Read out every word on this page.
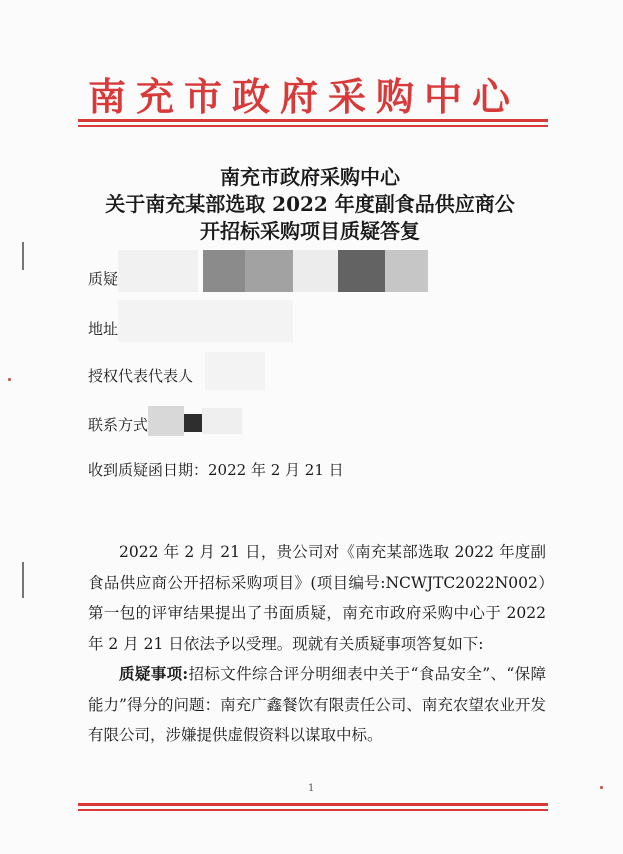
南充市政府采购中心
南充市政府采购中心
关于南充某部选取 2022 年度副食品供应商公
开招标采购项目质疑答复
质疑
地址
授权代表代表人
联系方式
收到质疑函日期：2022 年 2 月 21 日

2022 年 2 月 21 日，贵公司对《南充某部选取 2022 年度副食品供应商公开招标采购项目》(项目编号:NCWJTC2022N002）第一包的评审结果提出了书面质疑，南充市政府采购中心于 2022 年 2 月 21 日依法予以受理。现就有关质疑事项答复如下:

质疑事项:招标文件综合评分明细表中关于“食品安全”、“保障能力”得分的问题：南充广鑫餐饮有限责任公司、南充农望农业开发有限公司，涉嫌提供虚假资料以谋取中标。

1
